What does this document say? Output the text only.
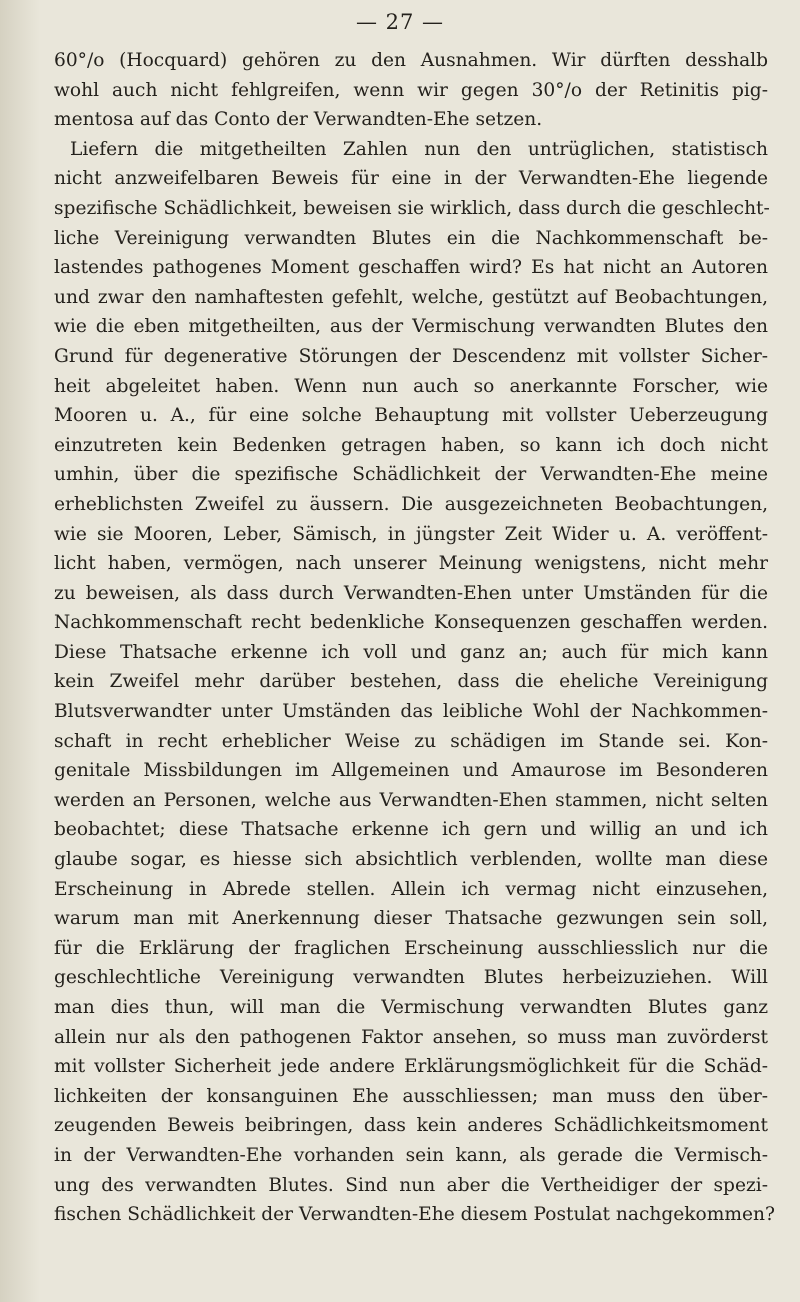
— 27 —
60°/o (Hocquard) gehören zu den Ausnahmen. Wir dürften desshalb
wohl auch nicht fehlgreifen, wenn wir gegen 30°/o der Retinitis pig-
mentosa auf das Conto der Verwandten-Ehe setzen.
Liefern die mitgetheilten Zahlen nun den untrüglichen, statistisch
nicht anzweifelbaren Beweis für eine in der Verwandten-Ehe liegende
spezifische Schädlichkeit, beweisen sie wirklich, dass durch die geschlecht-
liche Vereinigung verwandten Blutes ein die Nachkommenschaft be-
lastendes pathogenes Moment geschaffen wird? Es hat nicht an Autoren
und zwar den namhaftesten gefehlt, welche, gestützt auf Beobachtungen,
wie die eben mitgetheilten, aus der Vermischung verwandten Blutes den
Grund für degenerative Störungen der Descendenz mit vollster Sicher-
heit abgeleitet haben. Wenn nun auch so anerkannte Forscher, wie
Mooren u. A., für eine solche Behauptung mit vollster Ueberzeugung
einzutreten kein Bedenken getragen haben, so kann ich doch nicht
umhin, über die spezifische Schädlichkeit der Verwandten-Ehe meine
erheblichsten Zweifel zu äussern. Die ausgezeichneten Beobachtungen,
wie sie Mooren, Leber, Sämisch, in jüngster Zeit Wider u. A. veröffent-
licht haben, vermögen, nach unserer Meinung wenigstens, nicht mehr
zu beweisen, als dass durch Verwandten-Ehen unter Umständen für die
Nachkommenschaft recht bedenkliche Konsequenzen geschaffen werden.
Diese Thatsache erkenne ich voll und ganz an; auch für mich kann
kein Zweifel mehr darüber bestehen, dass die eheliche Vereinigung
Blutsverwandter unter Umständen das leibliche Wohl der Nachkommen-
schaft in recht erheblicher Weise zu schädigen im Stande sei. Kon-
genitale Missbildungen im Allgemeinen und Amaurose im Besonderen
werden an Personen, welche aus Verwandten-Ehen stammen, nicht selten
beobachtet; diese Thatsache erkenne ich gern und willig an und ich
glaube sogar, es hiesse sich absichtlich verblenden, wollte man diese
Erscheinung in Abrede stellen. Allein ich vermag nicht einzusehen,
warum man mit Anerkennung dieser Thatsache gezwungen sein soll,
für die Erklärung der fraglichen Erscheinung ausschliesslich nur die
geschlechtliche Vereinigung verwandten Blutes herbeizuziehen. Will
man dies thun, will man die Vermischung verwandten Blutes ganz
allein nur als den pathogenen Faktor ansehen, so muss man zuvörderst
mit vollster Sicherheit jede andere Erklärungsmöglichkeit für die Schäd-
lichkeiten der konsanguinen Ehe ausschliessen; man muss den über-
zeugenden Beweis beibringen, dass kein anderes Schädlichkeitsmoment
in der Verwandten-Ehe vorhanden sein kann, als gerade die Vermisch-
ung des verwandten Blutes. Sind nun aber die Vertheidiger der spezi-
fischen Schädlichkeit der Verwandten-Ehe diesem Postulat nachgekommen?
